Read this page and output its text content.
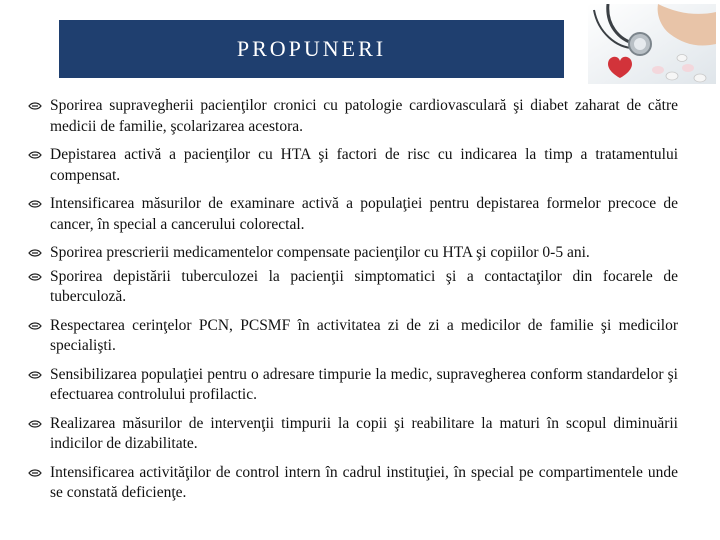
PROPUNERI
Sporirea supravegherii pacienţilor cronici cu patologie cardiovasculară şi diabet zaharat de către medicii de familie, şcolarizarea acestora.
Depistarea activă a pacienţilor cu HTA şi factori de risc cu indicarea la timp a tratamentului compensat.
Intensificarea măsurilor de examinare activă a populaţiei pentru depistarea formelor precoce de cancer, în special a cancerului colorectal.
Sporirea prescrierii medicamentelor compensate pacienţilor cu HTA şi copiilor 0-5 ani.
Sporirea depistării tuberculozei la pacienţii simptomatici şi a contactaţilor din focarele de tuberculoză.
Respectarea cerinţelor PCN, PCSMF în activitatea zi de zi a medicilor de familie şi medicilor specialişti.
Sensibilizarea populaţiei pentru o adresare timpurie la medic, supravegherea conform standardelor şi efectuarea controlului profilactic.
Realizarea măsurilor de intervenţii timpurii la copii şi reabilitare la maturi în scopul diminuării indicilor de dizabilitate.
Intensificarea activităţilor de control intern în cadrul instituţiei, în special pe compartimentele unde se constată deficienţe.
